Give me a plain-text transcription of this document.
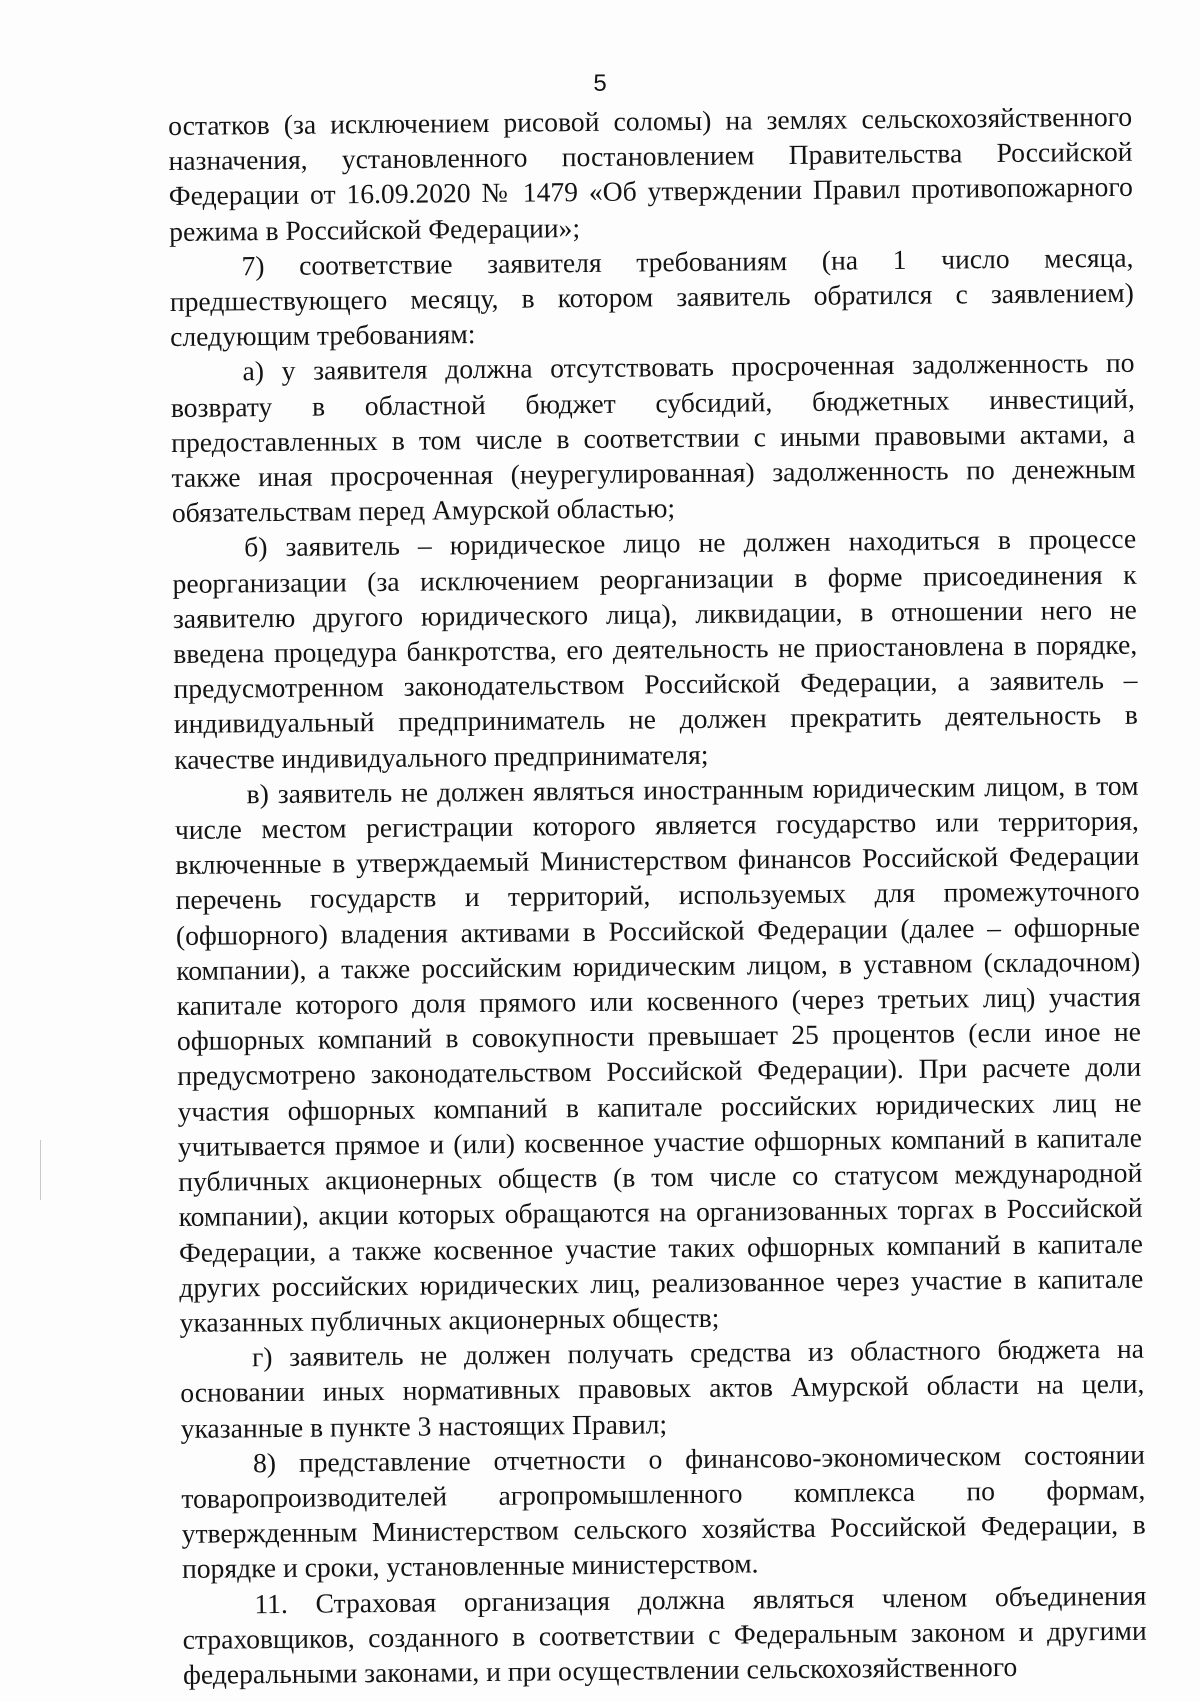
5

остатков (за исключением рисовой соломы) на землях сельскохозяйственного назначения, установленного постановлением Правительства Российской Федерации от 16.09.2020 № 1479 «Об утверждении Правил противопожарного режима в Российской Федерации»;

7) соответствие заявителя требованиям (на 1 число месяца, предшествующего месяцу, в котором заявитель обратился с заявлением) следующим требованиям:

а) у заявителя должна отсутствовать просроченная задолженность по возврату в областной бюджет субсидий, бюджетных инвестиций, предоставленных в том числе в соответствии с иными правовыми актами, а также иная просроченная (неурегулированная) задолженность по денежным обязательствам перед Амурской областью;

б) заявитель – юридическое лицо не должен находиться в процессе реорганизации (за исключением реорганизации в форме присоединения к заявителю другого юридического лица), ликвидации, в отношении него не введена процедура банкротства, его деятельность не приостановлена в порядке, предусмотренном законодательством Российской Федерации, а заявитель – индивидуальный предприниматель не должен прекратить деятельность в качестве индивидуального предпринимателя;

в) заявитель не должен являться иностранным юридическим лицом, в том числе местом регистрации которого является государство или территория, включенные в утверждаемый Министерством финансов Российской Федерации перечень государств и территорий, используемых для промежуточного (офшорного) владения активами в Российской Федерации (далее – офшорные компании), а также российским юридическим лицом, в уставном (складочном) капитале которого доля прямого или косвенного (через третьих лиц) участия офшорных компаний в совокупности превышает 25 процентов (если иное не предусмотрено законодательством Российской Федерации). При расчете доли участия офшорных компаний в капитале российских юридических лиц не учитывается прямое и (или) косвенное участие офшорных компаний в капитале публичных акционерных обществ (в том числе со статусом международной компании), акции которых обращаются на организованных торгах в Российской Федерации, а также косвенное участие таких офшорных компаний в капитале других российских юридических лиц, реализованное через участие в капитале указанных публичных акционерных обществ;

г) заявитель не должен получать средства из областного бюджета на основании иных нормативных правовых актов Амурской области на цели, указанные в пункте 3 настоящих Правил;

8) представление отчетности о финансово-экономическом состоянии товаропроизводителей агропромышленного комплекса по формам, утвержденным Министерством сельского хозяйства Российской Федерации, в порядке и сроки, установленные министерством.

11. Страховая организация должна являться членом объединения страховщиков, созданного в соответствии с Федеральным законом и другими федеральными законами, и при осуществлении сельскохозяйственного
